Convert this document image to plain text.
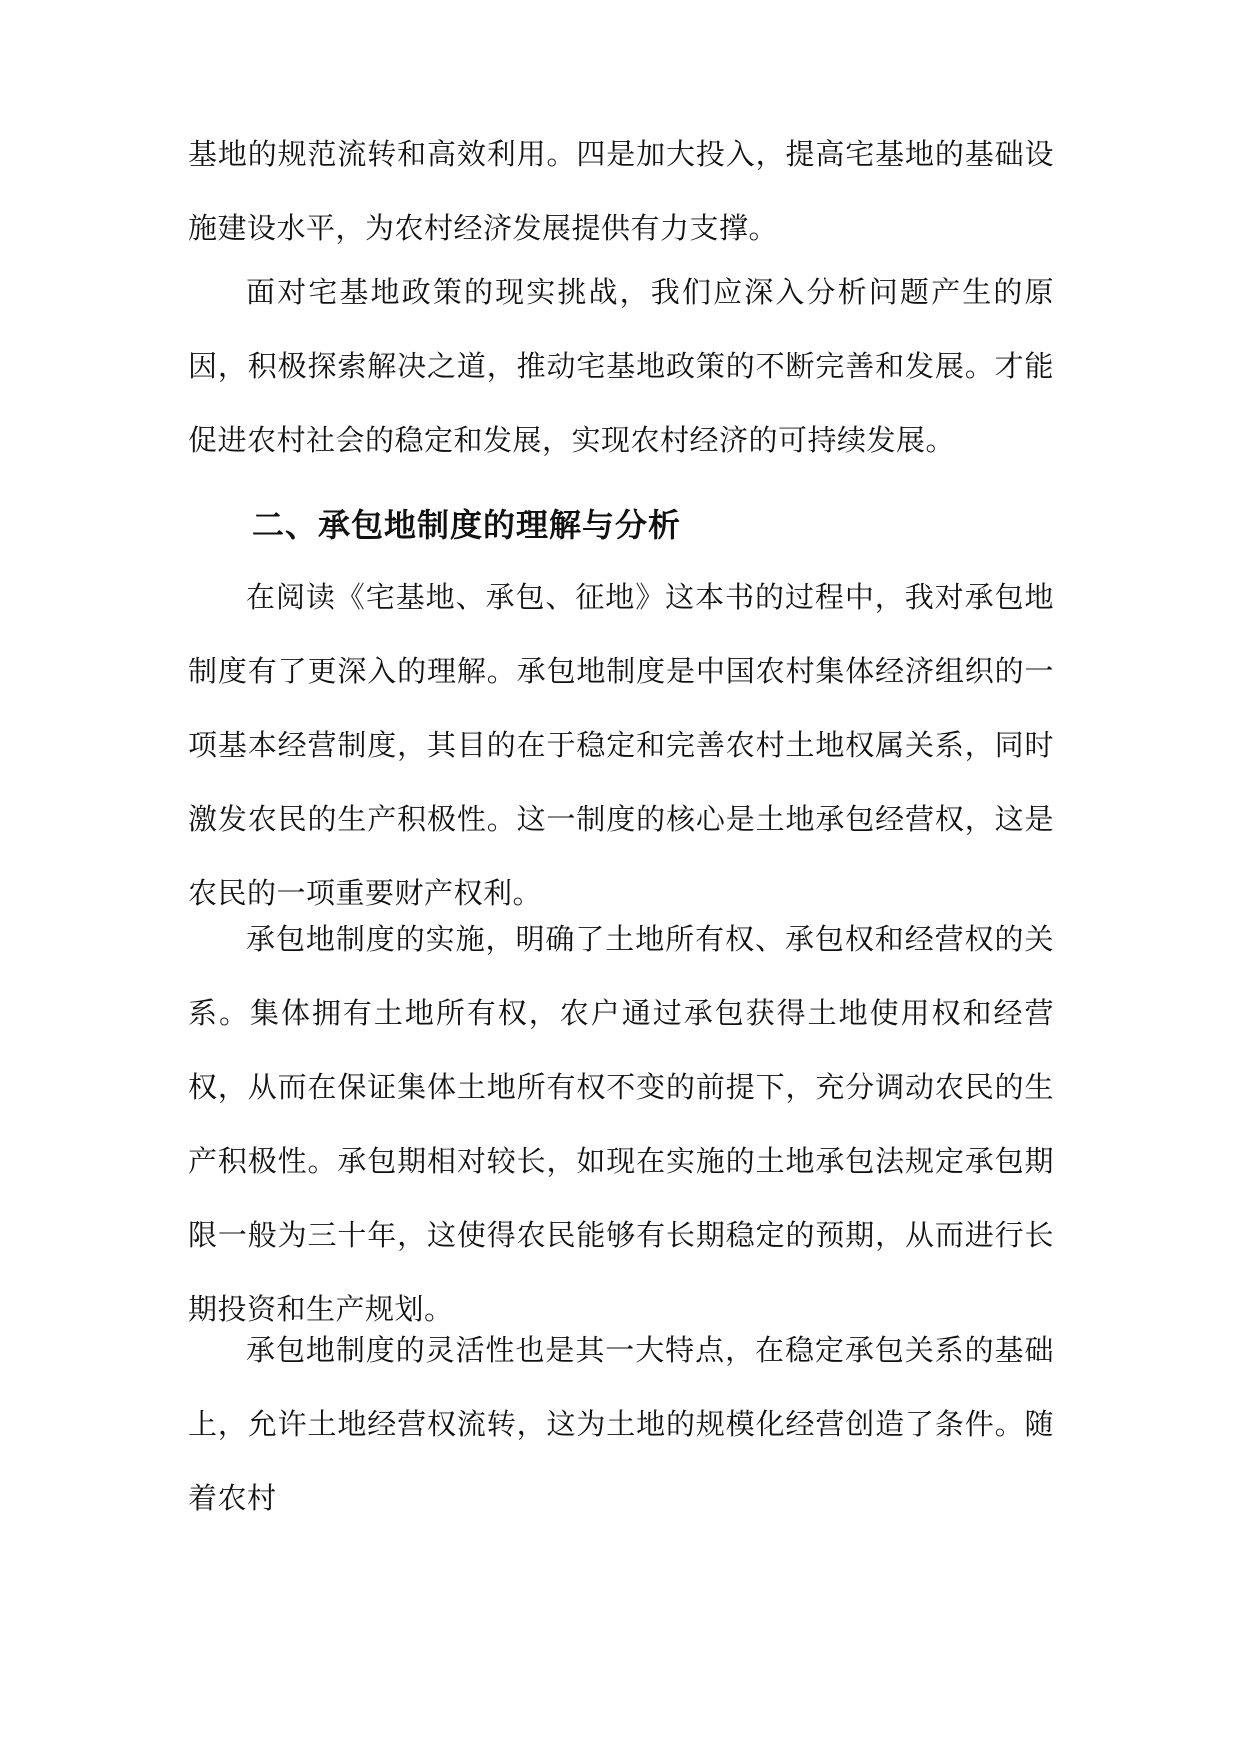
基地的规范流转和高效利用。四是加大投入，提高宅基地的基础设施建设水平，为农村经济发展提供有力支撑。

面对宅基地政策的现实挑战，我们应深入分析问题产生的原因，积极探索解决之道，推动宅基地政策的不断完善和发展。才能促进农村社会的稳定和发展，实现农村经济的可持续发展。

二、承包地制度的理解与分析

在阅读《宅基地、承包、征地》这本书的过程中，我对承包地制度有了更深入的理解。承包地制度是中国农村集体经济组织的一项基本经营制度，其目的在于稳定和完善农村土地权属关系，同时激发农民的生产积极性。这一制度的核心是土地承包经营权，这是农民的一项重要财产权利。

承包地制度的实施，明确了土地所有权、承包权和经营权的关系。集体拥有土地所有权，农户通过承包获得土地使用权和经营权，从而在保证集体土地所有权不变的前提下，充分调动农民的生产积极性。承包期相对较长，如现在实施的土地承包法规定承包期限一般为三十年，这使得农民能够有长期稳定的预期，从而进行长期投资和生产规划。

承包地制度的灵活性也是其一大特点，在稳定承包关系的基础上，允许土地经营权流转，这为土地的规模化经营创造了条件。随着农村
